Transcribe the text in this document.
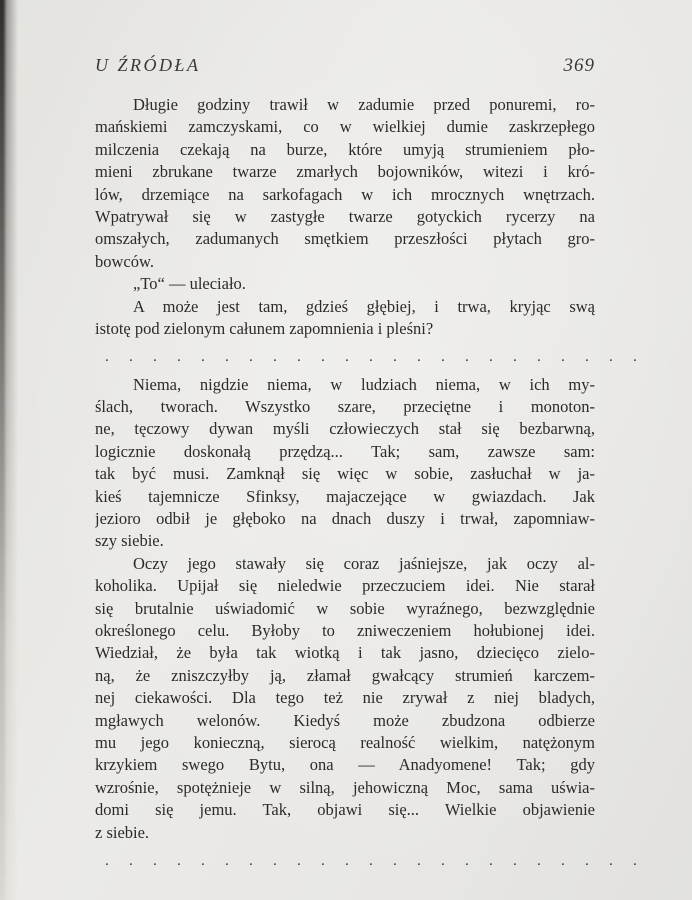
U ŹRÓDŁA	369
Długie godziny trawił w zadumie przed ponuremi, ro-
mańskiemi zamczyskami, co w wielkiej dumie zaskrzepłego
milczenia czekają na burze, które umyją strumieniem pło-
mieni zbrukane twarze zmarłych bojowników, witezi i kró-
lów, drzemiące na sarkofagach w ich mrocznych wnętrzach.
Wpatrywał się w zastygłe twarze gotyckich rycerzy na
omszałych, zadumanych smętkiem przeszłości płytach gro-
bowców.
„To“ — uleciało.
A może jest tam, gdzieś głębiej, i trwa, kryjąc swą
istotę pod zielonym całunem zapomnienia i pleśni?
. . . . . . . . . . . . . . . . . . . . . . .
Niema, nigdzie niema, w ludziach niema, w ich my-
ślach, tworach. Wszystko szare, przeciętne i monoton-
ne, tęczowy dywan myśli człowieczych stał się bezbarwną,
logicznie doskonałą przędzą... Tak; sam, zawsze sam:
tak być musi. Zamknął się więc w sobie, zasłuchał w ja-
kieś tajemnicze Sfinksy, majaczejące w gwiazdach. Jak
jezioro odbił je głęboko na dnach duszy i trwał, zapomniaw-
szy siebie.
Oczy jego stawały się coraz jaśniejsze, jak oczy al-
koholika. Upijał się nieledwie przeczuciem idei. Nie starał
się brutalnie uświadomić w sobie wyraźnego, bezwzględnie
określonego celu. Byłoby to zniweczeniem hołubionej idei.
Wiedział, że była tak wiotką i tak jasno, dziecięco zielo-
ną, że zniszczyłby ją, złamał gwałcący strumień karczem-
nej ciekawości. Dla tego też nie zrywał z niej bladych,
mgławych welonów. Kiedyś może zbudzona odbierze
mu jego konieczną, sierocą realność wielkim, natężonym
krzykiem swego Bytu, ona — Anadyomene! Tak; gdy
wzrośnie, spotężnieje w silną, jehowiczną Moc, sama uświa-
domi się jemu. Tak, objawi się... Wielkie objawienie
z siebie.
. . . . . . . . . . . . . . . . . . . . . . .
